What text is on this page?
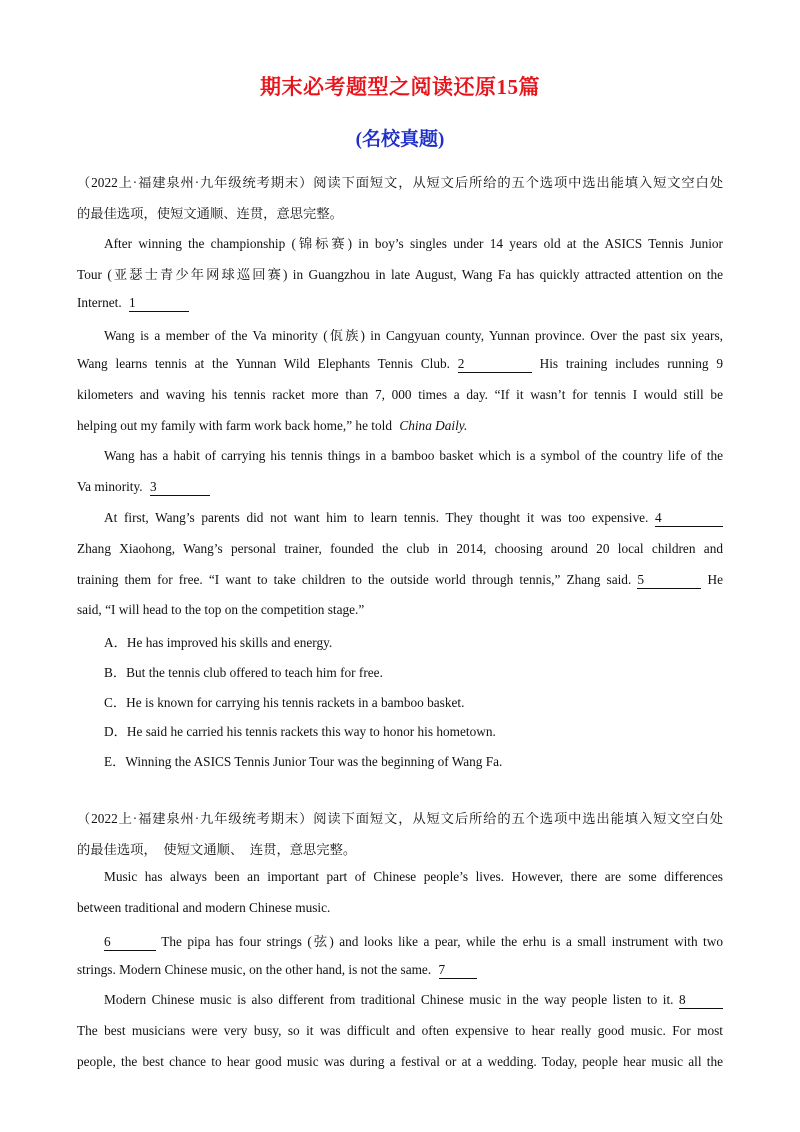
期末必考题型之阅读还原15篇
(名校真题)
（2022上·福建泉州·九年级统考期末）阅读下面短文，从短文后所给的五个选项中选出能填入短文空白处
的最佳选项，使短文通顺、连贯，意思完整。
After winning the championship (锦标赛) in boy’s singles under 14 years old at the ASICS Tennis Junior
Tour (亚瑟士青少年网球巡回赛) in Guangzhou in late August, Wang Fa has quickly attracted attention on the
Internet. 1
Wang is a member of the Va minority (佤族) in Cangyuan county, Yunnan province. Over the past six years,
Wang learns tennis at the Yunnan Wild Elephants Tennis Club. 2	His training includes running 9
kilometers and waving his tennis racket more than 7, 000 times a day. “If it wasn’t for tennis I would still be
helping out my family with farm work back home,” he told China Daily.
Wang has a habit of carrying his tennis things in a bamboo basket which is a symbol of the country life of the
Va minority. 3
At first, Wang’s parents did not want him to learn tennis. They thought it was too expensive. 4
Zhang Xiaohong, Wang’s personal trainer, founded the club in 2014, choosing around 20 local children and
training them for free. “I want to take children to the outside world through tennis,” Zhang said. 5	He
said, “I will head to the top on the competition stage.”
A．He has improved his skills and energy.
B．But the tennis club offered to teach him for free.
C．He is known for carrying his tennis rackets in a bamboo basket.
D．He said he carried his tennis rackets this way to honor his hometown.
E．Winning the ASICS Tennis Junior Tour was the beginning of Wang Fa.
（2022上·福建泉州·九年级统考期末）阅读下面短文，从短文后所给的五个选项中选出能填入短文空白处
的最佳选项，　使短文通顺、　连贯，意思完整。
Music has always been an important part of Chinese people’s lives. However, there are some differences
between traditional and modern Chinese music.
6	The pipa has four strings (弦) and looks like a pear, while the erhu is a small instrument with two
strings. Modern Chinese music, on the other hand, is not the same. 7
Modern Chinese music is also different from traditional Chinese music in the way people listen to it. 8
The best musicians were very busy, so it was difficult and often expensive to hear really good music. For most
people, the best chance to hear good music was during a festival or at a wedding. Today, people hear music all the
